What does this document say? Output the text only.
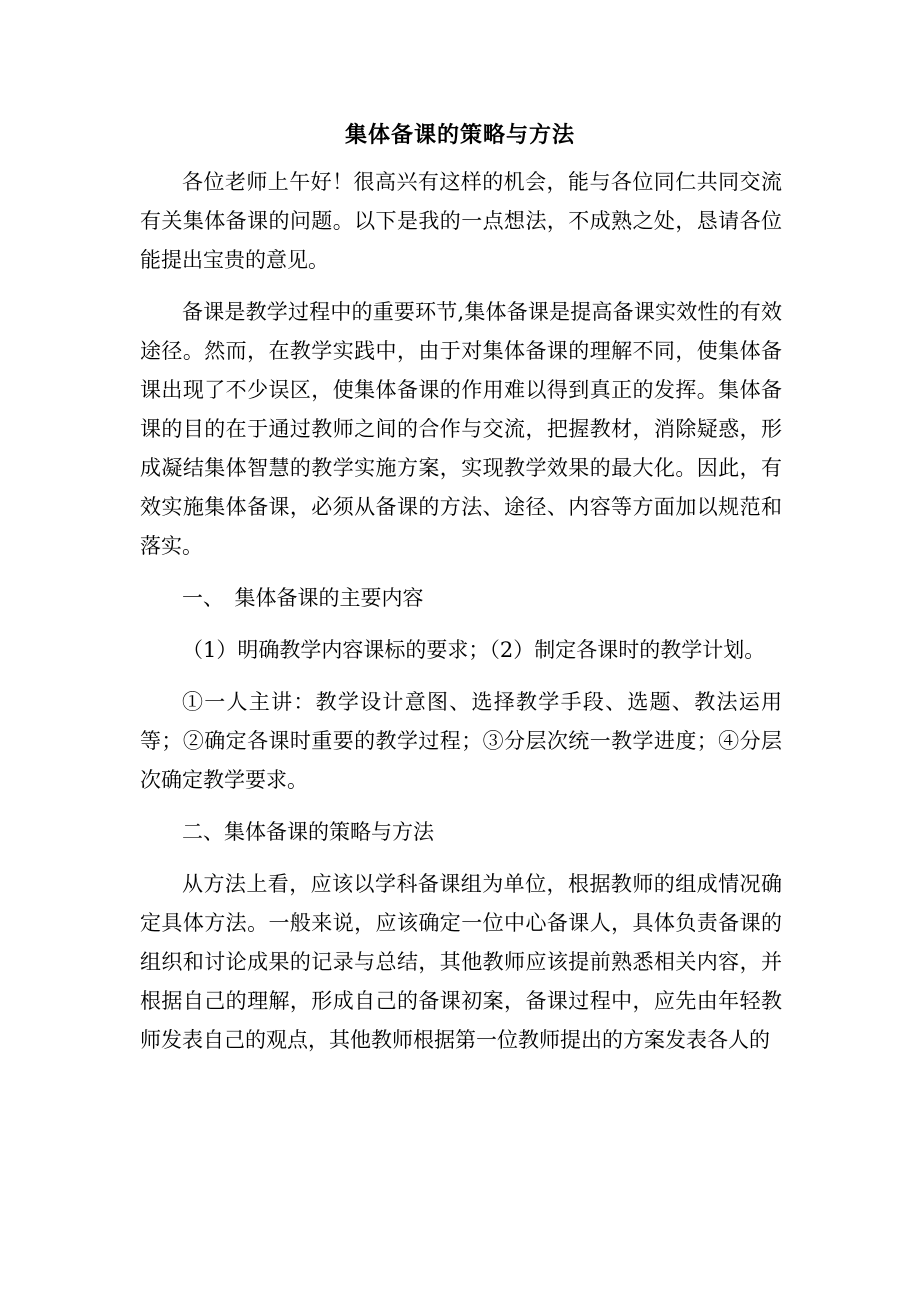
集体备课的策略与方法

各位老师上午好！很高兴有这样的机会，能与各位同仁共同交流有关集体备课的问题。以下是我的一点想法，不成熟之处，恳请各位能提出宝贵的意见。

备课是教学过程中的重要环节,集体备课是提高备课实效性的有效途径。然而，在教学实践中，由于对集体备课的理解不同，使集体备课出现了不少误区，使集体备课的作用难以得到真正的发挥。集体备课的目的在于通过教师之间的合作与交流，把握教材，消除疑惑，形成凝结集体智慧的教学实施方案，实现教学效果的最大化。因此，有效实施集体备课，必须从备课的方法、途径、内容等方面加以规范和落实。

一、　集体备课的主要内容

（1）明确教学内容课标的要求；（2）制定各课时的教学计划。

①一人主讲：教学设计意图、选择教学手段、选题、教法运用等；②确定各课时重要的教学过程；③分层次统一教学进度；④分层次确定教学要求。

二、集体备课的策略与方法

从方法上看，应该以学科备课组为单位，根据教师的组成情况确定具体方法。一般来说，应该确定一位中心备课人，具体负责备课的组织和讨论成果的记录与总结，其他教师应该提前熟悉相关内容，并根据自己的理解，形成自己的备课初案，备课过程中，应先由年轻教师发表自己的观点，其他教师根据第一位教师提出的方案发表各人的
